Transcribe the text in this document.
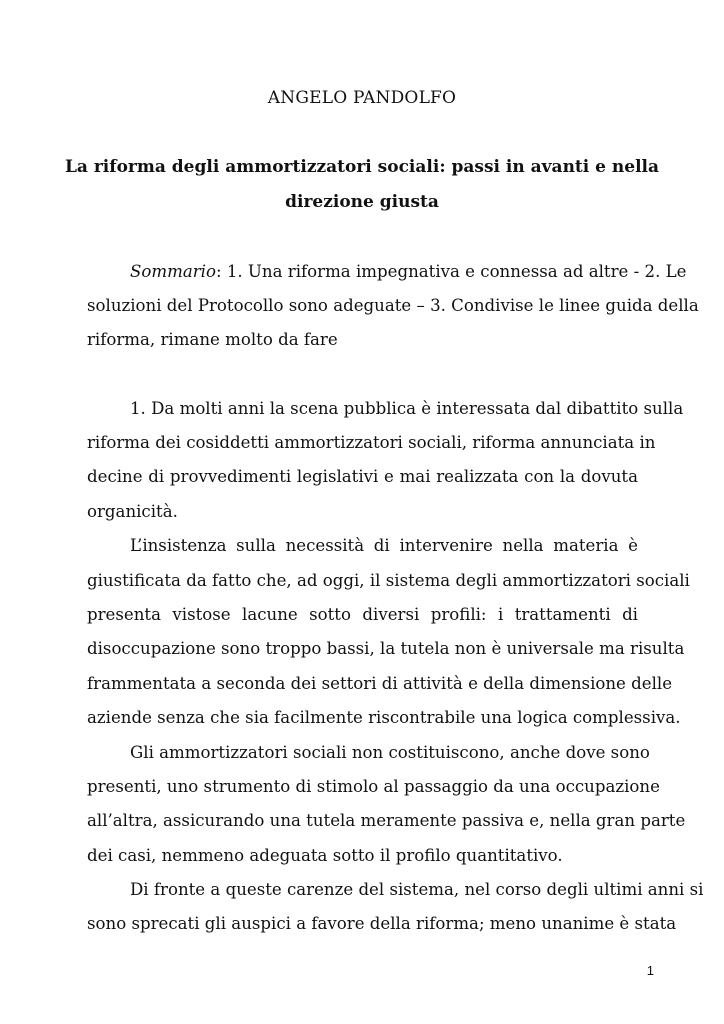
ANGELO PANDOLFO
La riforma degli ammortizzatori sociali: passi in avanti e nella
direzione giusta
Sommario: 1. Una riforma impegnativa e connessa ad altre - 2. Le
soluzioni del Protocollo sono adeguate – 3. Condivise le linee guida della
riforma, rimane molto da fare
1. Da molti anni la scena pubblica è interessata dal dibattito sulla
riforma dei cosiddetti ammortizzatori sociali, riforma annunciata in
decine di provvedimenti legislativi e mai realizzata con la dovuta
organicità.
L’insistenza sulla necessità di intervenire nella materia è
giustificata da fatto che, ad oggi, il sistema degli ammortizzatori sociali
presenta vistose lacune sotto diversi profili: i trattamenti di
disoccupazione sono troppo bassi, la tutela non è universale ma risulta
frammentata a seconda dei settori di attività e della dimensione delle
aziende senza che sia facilmente riscontrabile una logica complessiva.
Gli ammortizzatori sociali non costituiscono, anche dove sono
presenti, uno strumento di stimolo al passaggio da una occupazione
all’altra, assicurando una tutela meramente passiva e, nella gran parte
dei casi, nemmeno adeguata sotto il profilo quantitativo.
Di fronte a queste carenze del sistema, nel corso degli ultimi anni si
sono sprecati gli auspici a favore della riforma; meno unanime è stata
1
